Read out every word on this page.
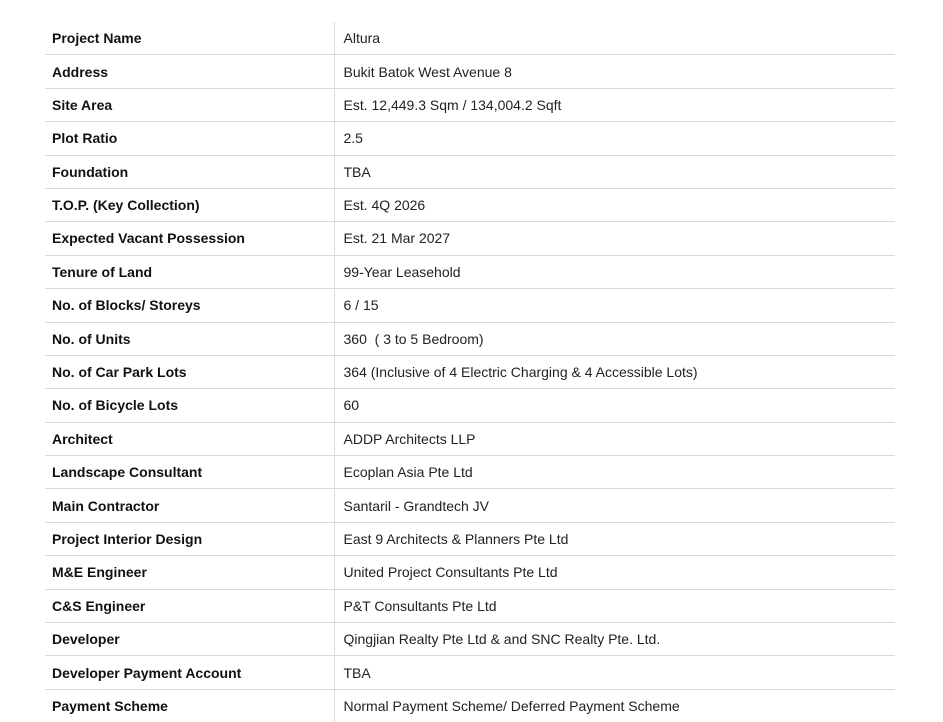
Project Name	Altura
Address	Bukit Batok West Avenue 8
Site Area	Est. 12,449.3 Sqm / 134,004.2 Sqft
Plot Ratio	2.5
Foundation	TBA
T.O.P. (Key Collection)	Est. 4Q 2026
Expected Vacant Possession	Est. 21 Mar 2027
Tenure of Land	99-Year Leasehold
No. of Blocks/ Storeys	6 / 15
No. of Units	360  ( 3 to 5 Bedroom)
No. of Car Park Lots	364 (Inclusive of 4 Electric Charging & 4 Accessible Lots)
No. of Bicycle Lots	60
Architect	ADDP Architects LLP
Landscape Consultant	Ecoplan Asia Pte Ltd
Main Contractor	Santaril - Grandtech JV
Project Interior Design	East 9 Architects & Planners Pte Ltd
M&E Engineer	United Project Consultants Pte Ltd
C&S Engineer	P&T Consultants Pte Ltd
Developer	Qingjian Realty Pte Ltd & and SNC Realty Pte. Ltd.
Developer Payment Account	TBA
Payment Scheme	Normal Payment Scheme/ Deferred Payment Scheme
